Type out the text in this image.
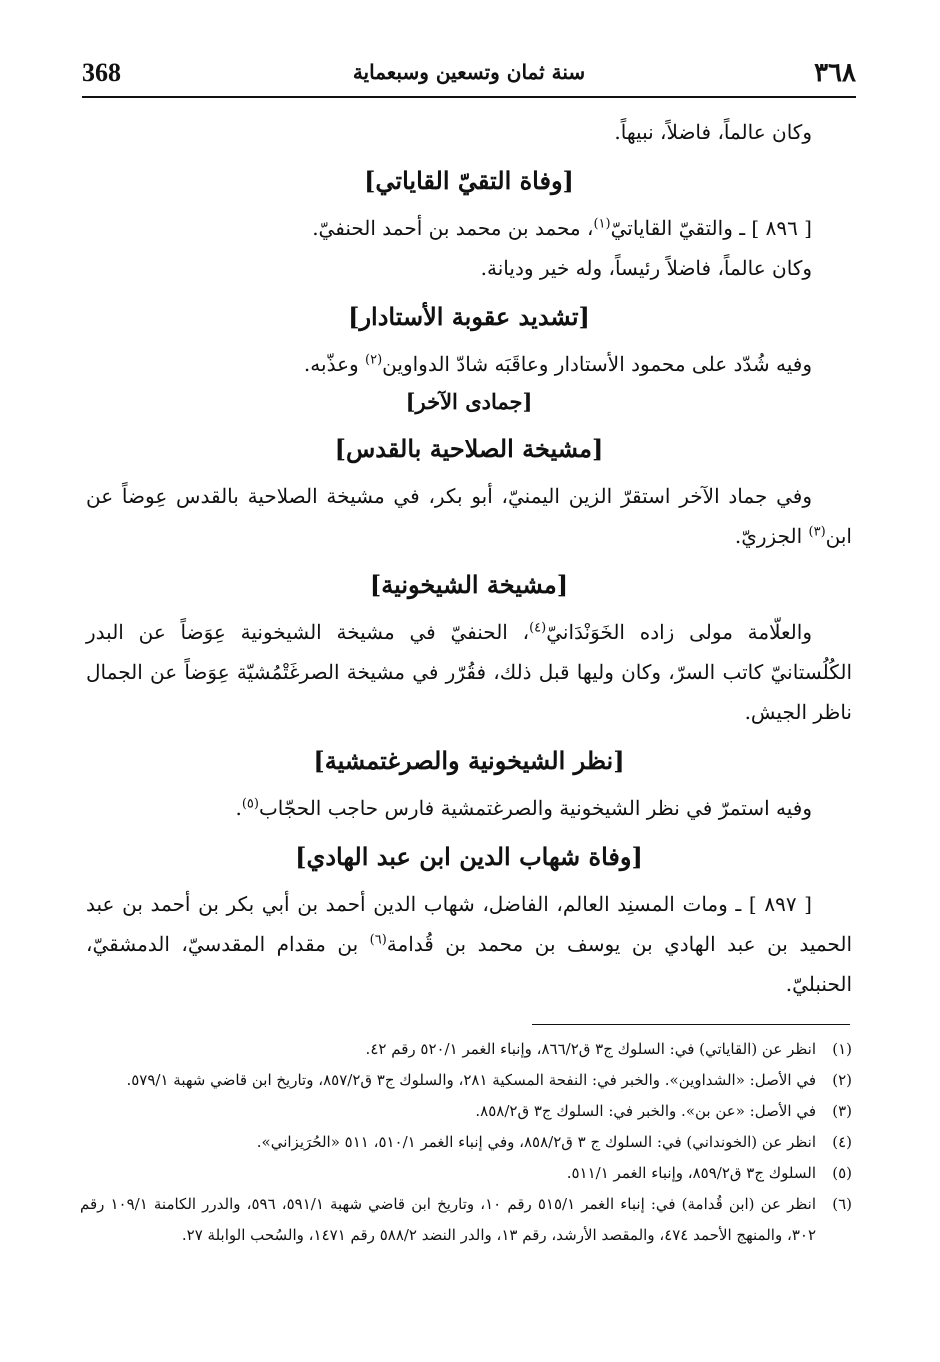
368	سنة ثمان وتسعين وسبعماية	٣٦٨

وكان عالماً، فاضلاً، نبيهاً.

[وفاة التقيّ القاياتي]

[ ٨٩٦ ] ـ والتقيّ القاياتيّ$^{(١)}$، محمد بن محمد بن أحمد الحنفيّ.

وكان عالماً، فاضلاً رئيساً، وله خير وديانة.

[تشديد عقوبة الأستادار]

وفيه شُدّد على محمود الأستادار وعاقَبَه شادّ الدواوين$^{(٢)}$ وعذّبه.

[جمادى الآخر]
[مشيخة الصلاحية بالقدس]

وفي جماد الآخر استقرّ الزين اليمنيّ، أبو بكر، في مشيخة الصلاحية بالقدس عِوضاً عن ابن$^{(٣)}$ الجزريّ.

[مشيخة الشيخونية]

والعلّامة مولى زاده الخَوَنْدَانيّ$^{(٤)}$، الحنفيّ في مشيخة الشيخونية عِوَضاً عن البدر الكُلُستانيّ كاتب السرّ، وكان وليها قبل ذلك، فقُرّر في مشيخة الصرغَتْمُشيّة عِوَضاً عن الجمال ناظر الجيش.

[نظر الشيخونية والصرغتمشية]

وفيه استمرّ في نظر الشيخونية والصرغتمشية فارس حاجب الحجّاب$^{(٥)}$.

[وفاة شهاب الدين ابن عبد الهادي]

[ ٨٩٧ ] ـ ومات المسنِد العالم، الفاضل، شهاب الدين أحمد بن أبي بكر بن أحمد بن عبد الحميد بن عبد الهادي بن يوسف بن محمد بن قُدامة$^{(٦)}$ بن مقدام المقدسيّ، الدمشقيّ، الحنبليّ.

(١)
انظر عن (القاياتي) في: السلوك ج٣ ق٨٦٦/٢، وإنباء الغمر ٥٢٠/١ رقم ٤٢.

(٢)
في الأصل: «الشداوين». والخبر في: النفحة المسكية ٢٨١، والسلوك ج٣ ق٨٥٧/٢، وتاريخ ابن قاضي شهبة ٥٧٩/١.

(٣)
في الأصل: «عن بن». والخبر في: السلوك ج٣ ق٨٥٨/٢.

(٤)
انظر عن (الخونداني) في: السلوك ج ٣ ق٨٥٨/٢، وفي إنباء الغمر ٥١٠/١، ٥١١ «الحُرَيزاني».

(٥)
السلوك ج٣ ق٨٥٩/٢، وإنباء الغمر ٥١١/١.

(٦)
انظر عن (ابن قُدامة) في: إنباء الغمر ٥١٥/١ رقم ١٠، وتاريخ ابن قاضي شهبة ٥٩١/١، ٥٩٦، والدرر الكامنة ١٠٩/١ رقم ٣٠٢، والمنهج الأحمد ٤٧٤، والمقصد الأرشد، رقم ١٣، والدر النضد ٥٨٨/٢ رقم ١٤٧١، والسُحب الوابلة ٢٧.
